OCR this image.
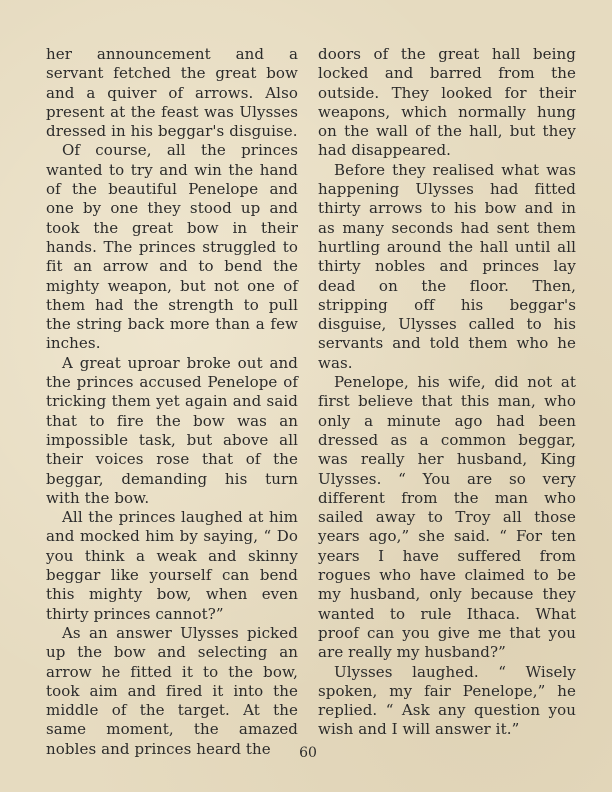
her announcement and a servant fetched the great bow and a quiver of arrows. Also present at the feast was Ulysses dressed in his beggar's disguise.

Of course, all the princes wanted to try and win the hand of the beautiful Penelope and one by one they stood up and took the great bow in their hands. The princes struggled to fit an arrow and to bend the mighty weapon, but not one of them had the strength to pull the string back more than a few inches.

A great uproar broke out and the princes accused Penelope of tricking them yet again and said that to fire the bow was an impossible task, but above all their voices rose that of the beggar, demanding his turn with the bow.

All the princes laughed at him and mocked him by saying, “ Do you think a weak and skinny beggar like yourself can bend this mighty bow, when even thirty princes cannot?”

As an answer Ulysses picked up the bow and selecting an arrow he fitted it to the bow, took aim and fired it into the middle of the target. At the same moment, the amazed nobles and princes heard the

doors of the great hall being locked and barred from the outside. They looked for their weapons, which normally hung on the wall of the hall, but they had disappeared.

Before they realised what was happening Ulysses had fitted thirty arrows to his bow and in as many seconds had sent them hurtling around the hall until all thirty nobles and princes lay dead on the floor. Then, stripping off his beggar's disguise, Ulysses called to his servants and told them who he was.

Penelope, his wife, did not at first believe that this man, who only a minute ago had been dressed as a common beggar, was really her husband, King Ulysses. “ You are so very different from the man who sailed away to Troy all those years ago,” she said. “ For ten years I have suffered from rogues who have claimed to be my husband, only because they wanted to rule Ithaca. What proof can you give me that you are really my husband?”

Ulysses laughed. “ Wisely spoken, my fair Penelope,” he replied. “ Ask any question you wish and I will answer it.”

60
